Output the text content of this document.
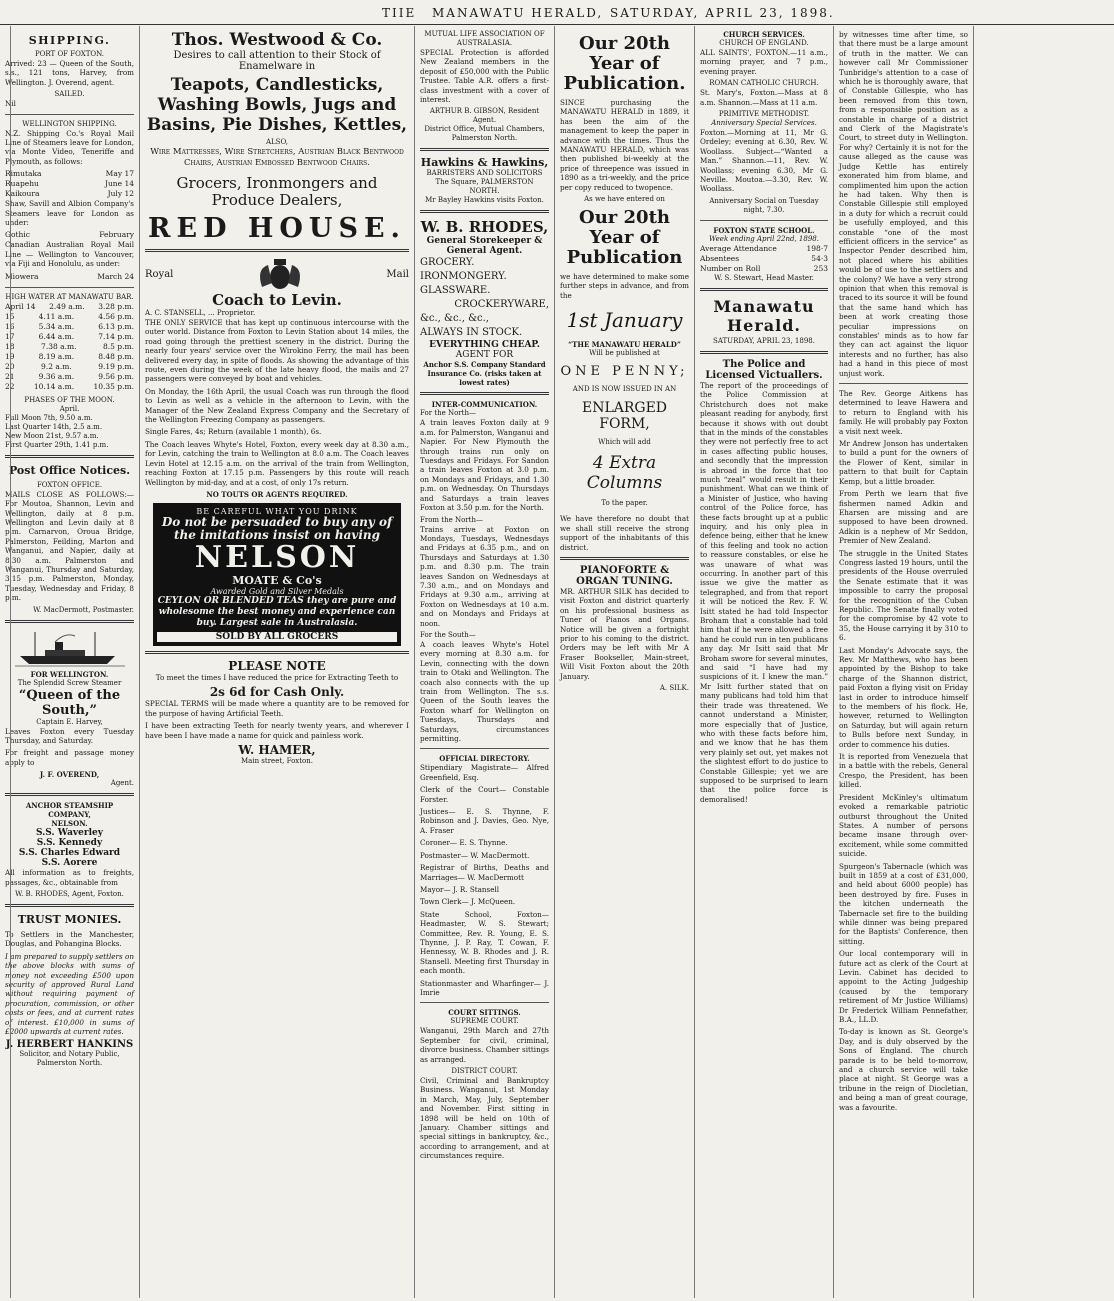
TIIE MANAWATU HERALD, SATURDAY, APRIL 23, 1898.
SHIPPING.
PORT OF FOXTON.

Arrived: 23 — Queen of the South, s.s., 121 tons, Harvey, from Wellington. J. Overend, agent.

SAILED.

Nil

WELLINGTON SHIPPING.

N.Z. Shipping Co.'s Royal Mail Line of Steamers leave for London, via Monte Video, Teneriffe and Plymouth, as follows:

Rimutaka	May 17
Ruapehu	June 14
Kaikoura	July 12

Shaw, Savill and Albion Company's Steamers leave for London as under:

Gothic	February

Canadian Australian Royal Mail Line — Wellington to Vancouver, via Fiji and Honolulu, as under:

Miowera	March 24
HIGH WATER AT MANAWATU BAR.
April 14 2.49 a.m. 3.28 p.m.
15	4.11 a.m.	4.56 p.m.
16	5.34 a.m.	6.13 p.m.
17	6.44 a.m.	7.14 p.m.
18	7.38 a.m.	8.5 p.m.
19	8.19 a.m.	8.48 p.m.
20	9.2 a.m.	9.19 p.m.
21	9.36 a.m.	9.56 p.m.
22	10.14 a.m.	10.35 p.m.
PHASES OF THE MOON.
April.
Full Moon 7th, 9.50 a.m.
Last Quarter 14th, 2.5 a.m.
New Moon 21st, 9.57 a.m.
First Quarter 29th, 1.41 p.m.
Post Office Notices.
FOXTON OFFICE.

MAILS CLOSE AS FOLLOWS:— For Moutoa, Shannon, Levin and Wellington, daily at 8 p.m. Wellington and Levin daily at 8 p.m. Carnarvon, Oroua Bridge, Palmerston, Feilding, Marton and Wanganui, and Napier, daily at 8.30 a.m. Palmerston and Wanganui, Thursday and Saturday, 3.15 p.m. Palmerston, Monday, Tuesday, Wednesday and Friday, 8 p.m.

W. MacDermott, Postmaster.
FOR WELLINGTON.
The Splendid Screw Steamer
“Queen of the South,”
Captain E. Harvey,

Leaves Foxton every Tuesday Thursday, and Saturday.

For freight and passage money apply to

J. F. OVEREND,
Agent.
ANCHOR STEAMSHIP COMPANY,
NELSON.
S.S. Waverley
S.S. Kennedy
S.S. Charles Edward
S.S. Aorere

All information as to freights, passages, &c., obtainable from

W. B. RHODES, Agent, Foxton.
TRUST MONIES.

To Settlers in the Manchester, Douglas, and Pohangina Blocks.

I am prepared to supply settlers on the above blocks with sums of money not exceeding £500 upon security of approved Rural Land without requiring payment of procuration, commission, or other costs or fees, and at current rates of interest. £10,000 in sums of £2000 upwards at current rates.

J. HERBERT HANKINS
Solicitor, and Notary Public, Palmerston North.
Thos. Westwood & Co.
Desires to call attention to their Stock of Enamelware in
Teapots, Candlesticks, Washing Bowls, Jugs and Basins, Pie Dishes, Kettles,
ALSO,
Wire Mattresses, Wire Stretchers, Austrian Black Bentwood Chairs, Austrian Embossed Bentwood Chairs.
Grocers, Ironmongers and Produce Dealers,
RED HOUSE.
Royal	Mail
Coach to Levin.
A. C. STANSELL, ... Proprietor.

THE ONLY SERVICE that has kept up continuous intercourse with the outer world. Distance from Foxton to Levin Station about 14 miles, the road going through the prettiest scenery in the district. During the nearly four years' service over the Wirokino Ferry, the mail has been delivered every day, in spite of floods. As showing the advantage of this route, even during the week of the late heavy flood, the mails and 27 passengers were conveyed by boat and vehicles.

On Monday, the 16th April, the usual Coach was run through the flood to Levin as well as a vehicle in the afternoon to Levin, with the Manager of the New Zealand Express Company and the Secretary of the Wellington Freezing Company as passengers.

Single Fares, 4s; Return (available 1 month), 6s.

The Coach leaves Whyte's Hotel, Foxton, every week day at 8.30 a.m., for Levin, catching the train to Wellington at 8.0 a.m. The Coach leaves Levin Hotel at 12.15 a.m. on the arrival of the train from Wellington, reaching Foxton at 17.15 p.m. Passengers by this route will reach Wellington by mid-day, and at a cost, of only 17s return.

NO TOUTS OR AGENTS REQUIRED.
BE CAREFUL WHAT YOU DRINK
Do not be persuaded to buy any of the imitations insist on having
NELSON
MOATE & Co's
Awarded Gold and Silver Medals
CEYLON OR BLENDED TEAS they are pure and wholesome the best money and experience can buy. Largest sale in Australasia.
SOLD BY ALL GROCERS
PLEASE NOTE

To meet the times I have reduced the price for Extracting Teeth to

2s 6d for Cash Only.

SPECIAL TERMS will be made where a quantity are to be removed for the purpose of having Artificial Teeth.

I have been extracting Teeth for nearly twenty years, and wherever I have been I have made a name for quick and painless work.

W. HAMER,
Main street, Foxton.
MUTUAL LIFE ASSOCIATION OF AUSTRALASIA.

SPECIAL Protection is afforded New Zealand members in the deposit of £50,000 with the Public Trustee. Table A.R. offers a first-class investment with a cover of interest.

ARTHUR B. GIBSON, Resident Agent.
District Office, Mutual Chambers, Palmerston North.
Hawkins & Hawkins,
BARRISTERS AND SOLICITORS
The Square, PALMERSTON NORTH.
Mr Bayley Hawkins visits Foxton.
W. B. RHODES,
General Storekeeper & General Agent.
GROCERY.
IRONMONGERY.
GLASSWARE.
CROCKERYWARE,
&c., &c., &c.,
ALWAYS IN STOCK.
EVERYTHING CHEAP.
AGENT FOR
Anchor S.S. Company Standard Insurance Co. (risks taken at lowest rates)
INTER-COMMUNICATION.
For the North—

A train leaves Foxton daily at 9 a.m. for Palmerston, Wanganui and Napier. For New Plymouth the through trains run only on Tuesdays and Fridays. For Sandon a train leaves Foxton at 3.0 p.m. on Mondays and Fridays, and 1.30 p.m. on Wednesday. On Thursdays and Saturdays a train leaves Foxton at 3.50 p.m. for the North.

From the North—

Trains arrive at Foxton on Mondays, Tuesdays, Wednesdays and Fridays at 6.35 p.m., and on Thursdays and Saturdays at 1.30 p.m. and 8.30 p.m. The train leaves Sandon on Wednesdays at 7.30 a.m., and on Mondays and Fridays at 9.30 a.m., arriving at Foxton on Wednesdays at 10 a.m. and on Mondays and Fridays at noon.

For the South—

A coach leaves Whyte's Hotel every morning at 8.30 a.m. for Levin, connecting with the down train to Otaki and Wellington. The coach also connects with the up train from Wellington. The s.s. Queen of the South leaves the Foxton wharf for Wellington on Tuesdays, Thursdays and Saturdays, circumstances permitting.

OFFICIAL DIRECTORY.

Stipendiary Magistrate— Alfred Greenfield, Esq.

Clerk of the Court— Constable Forster.

Justices— E. S. Thynne, F. Robinson and J. Davies, Geo. Nye, A. Fraser

Coroner— E. S. Thynne.

Postmaster— W. MacDermott.

Registrar of Births, Deaths and Marriages— W. MacDermott

Mayor— J. R. Stansell

Town Clerk— J. McQueen.

State School, Foxton— Headmaster, W. S. Stewart; Committee, Rev. R. Young, E. S. Thynne, J. P. Ray, T. Cowan, F. Hennessy, W. B. Rhodes and J. R. Stansell. Meeting first Thursday in each month.

Stationmaster and Wharfinger— J. Imrie

COURT SITTINGS.
SUPREME COURT.

Wanganui, 29th March and 27th September for civil, criminal, divorce business. Chamber sittings as arranged.

DISTRICT COURT.

Civil, Criminal and Bankruptcy Business. Wanganui, 1st Monday in March, May, July, September and November. First sitting in 1898 will be held on 10th of January. Chamber sittings and special sittings in bankruptcy, &c., according to arrangement, and at circumstances require.

Our 20th Year of Publication.

SINCE purchasing the MANAWATU HERALD in 1889, it has been the aim of the management to keep the paper in advance with the times. Thus the MANAWATU HERALD, which was then published bi-weekly at the price of threepence was issued in 1890 as a tri-weekly, and the price per copy reduced to twopence.

As we have entered on
Our 20th Year of Publication

we have determined to make some further steps in advance, and from the

1st January
“THE MANAWATU HERALD”
Will be published at
ONE PENNY;
AND IS NOW ISSUED IN AN
ENLARGED FORM,
Which will add
4 Extra Columns
To the paper.

We have therefore no doubt that we shall still receive the strong support of the inhabitants of this district.

PIANOFORTE & ORGAN TUNING.

MR. ARTHUR SILK has decided to visit Foxton and district quarterly on his professional business as Tuner of Pianos and Organs. Notice will be given a fortnight prior to his coming to the district. Orders may be left with Mr A Fraser Bookseller, Main-street, Will Visit Foxton about the 20th January.

A. SILK.
CHURCH SERVICES.
CHURCH OF ENGLAND.

ALL SAINTS', FOXTON.—11 a.m., morning prayer, and 7 p.m., evening prayer.

ROMAN CATHOLIC CHURCH.

St. Mary's, Foxton.—Mass at 8 a.m. Shannon.—Mass at 11 a.m.

PRIMITIVE METHODIST.
Anniversary Special Services.

Foxton.—Morning at 11, Mr G. Ordeley; evening at 6.30, Rev. W. Woollass. Subject—“Wanted a Man.” Shannon.—11, Rev. W. Woollass; evening 6.30, Mr G. Neville. Moutoa.—3.30, Rev. W. Woollass.

Anniversary Social on Tuesday night, 7.30.
FOXTON STATE SCHOOL.
Week ending April 22nd, 1898.
Average Attendance	198·7
Absentees	54·3
Number on Roll	253
W. S. Stewart, Head Master.
Manawatu Herald.
SATURDAY, APRIL 23, 1898.
The Police and Licensed Victuallers.

The report of the proceedings of the Police Commission at Christchurch does not make pleasant reading for anybody, first because it shows with out doubt that in the minds of the constables they were not perfectly free to act in cases affecting public houses, and secondly that the impression is abroad in the force that too much “zeal” would result in their punishment. What can we think of a Minister of Justice, who having control of the Police force, has these facts brought up at a public inquiry, and his only plea in defence being, either that he knew of this feeling and took no action to reassure constables, or else he was unaware of what was occurring. In another part of this issue we give the matter as telegraphed, and from that report it will be noticed the Rev. F. W. Isitt stated he had told Inspector Broham that a constable had told him that if he were allowed a free hand he could run in ten publicans any day. Mr Isitt said that Mr Broham swore for several minutes, and said “I have had my suspicions of it. I knew the man.” Mr Isitt further stated that on many publicans had told him that their trade was threatened. We cannot understand a Minister, more especially that of Justice, who with these facts before him, and we know that he has them very plainly set out, yet makes not the slightest effort to do justice to Constable Gillespie; yet we are supposed to be surprised to learn that the police force is demoralised!

by witnesses time after time, so that there must be a large amount of truth in the matter. We can however call Mr Commissioner Tunbridge's attention to a case of which he is thoroughly aware, that of Constable Gillespie, who has been removed from this town, from a responsible position as a constable in charge of a district and Clerk of the Magistrate's Court, to street duty in Wellington. For why? Certainly it is not for the cause alleged as the cause was Judge Kettle has entirely exonerated him from blame, and complimented him upon the action he had taken. Why then is Constable Gillespie still employed in a duty for which a recruit could be usefully employed, and this constable “one of the most efficient officers in the service” as Inspector Pender described him, not placed where his abilities would be of use to the settlers and the colony? We have a very strong opinion that when this removal is traced to its source it will be found that the same hand which has been at work creating those peculiar impressions on constables' minds as to how far they can act against the liquor interests and no further, has also had a hand in this piece of most unjust work.

The Rev. George Aitkens has determined to leave Hawera and to return to England with his family. He will probably pay Foxton a visit next week.

Mr Andrew Jonson has undertaken to build a punt for the owners of the Flower of Kent, similar in pattern to that built for Captain Kemp, but a little broader.

From Perth we learn that five fishermen named Adkin and Eharsen are missing and are supposed to have been drowned. Adkin is a nephew of Mr Seddon, Premier of New Zealand.

The struggle in the United States Congress lasted 19 hours, until the presidents of the House overruled the Senate estimate that it was impossible to carry the proposal for the recognition of the Cuban Republic. The Senate finally voted for the compromise by 42 vote to 35, the House carrying it by 310 to 6.

Last Monday's Advocate says, the Rev. Mr Matthews, who has been appointed by the Bishop to take charge of the Shannon district, paid Foxton a flying visit on Friday last in order to introduce himself to the members of his flock. He, however, returned to Wellington on Saturday, but will again return to Bulls before next Sunday, in order to commence his duties.

It is reported from Venezuela that in a battle with the rebels, General Crespo, the President, has been killed.

President McKinley's ultimatum evoked a remarkable patriotic outburst throughout the United States. A number of persons became insane through over-excitement, while some committed suicide.

Spurgeon's Tabernacle (which was built in 1859 at a cost of £31,000, and held about 6000 people) has been destroyed by fire. Fuses in the kitchen underneath the Tabernacle set fire to the building while dinner was being prepared for the Baptists' Conference, then sitting.

Our local contemporary will in future act as clerk of the Court at Levin. Cabinet has decided to appoint to the Acting Judgeship (caused by the temporary retirement of Mr Justice Williams) Dr Frederick William Pennefather, B.A., LL.D.

To-day is known as St. George's Day, and is duly observed by the Sons of England. The church parade is to be held to-morrow, and a church service will take place at night. St George was a tribune in the reign of Diocletian, and being a man of great courage, was a favourite.
